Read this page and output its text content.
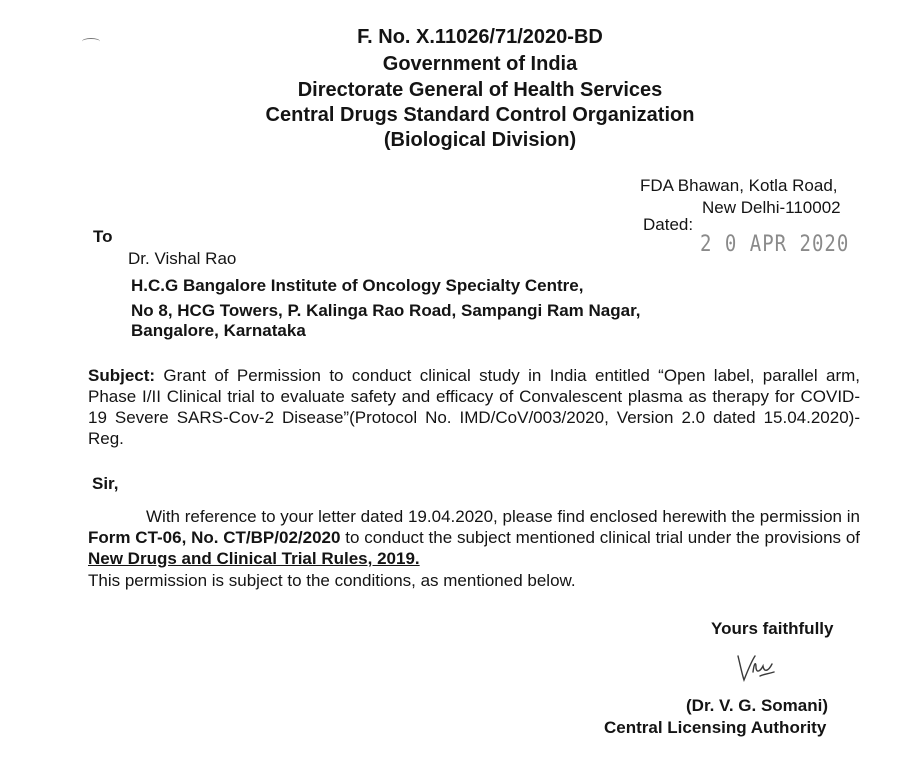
F. No. X.11026/71/2020-BD
Government of India
Directorate General of Health Services
Central Drugs Standard Control Organization
(Biological Division)
FDA Bhawan, Kotla Road,
New Delhi-110002
Dated:
2 0 APR 2020
To
Dr. Vishal Rao
H.C.G Bangalore Institute of Oncology Specialty Centre,
No 8, HCG Towers, P. Kalinga Rao Road, Sampangi Ram Nagar,
Bangalore, Karnataka
Subject: Grant of Permission to conduct clinical study in India entitled “Open label, parallel arm, Phase I/II Clinical trial to evaluate safety and efficacy of Convalescent plasma as therapy for COVID-19 Severe SARS-Cov-2 Disease”(Protocol No. IMD/CoV/003/2020, Version 2.0 dated 15.04.2020)-Reg.
Sir,
With reference to your letter dated 19.04.2020, please find enclosed herewith the permission in Form CT-06, No. CT/BP/02/2020 to conduct the subject mentioned clinical trial under the provisions of New Drugs and Clinical Trial Rules, 2019.
This permission is subject to the conditions, as mentioned below.
Yours faithfully
(Dr. V. G. Somani)
Central Licensing Authority
